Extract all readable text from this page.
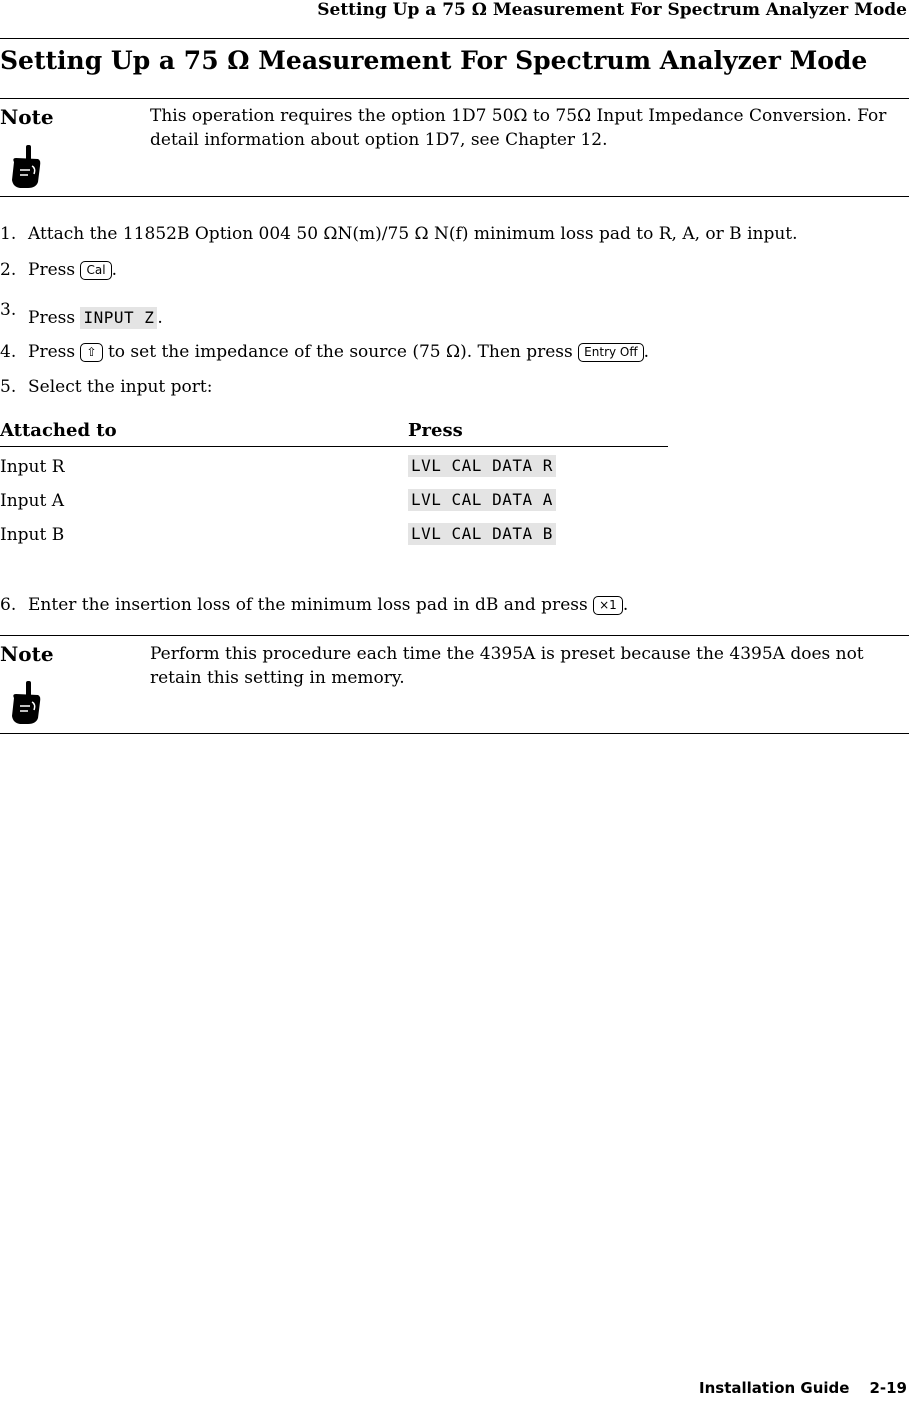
Setting Up a 75 Ω Measurement For Spectrum Analyzer Mode
Setting Up a 75 Ω Measurement For Spectrum Analyzer Mode
Note	This operation requires the option 1D7 50Ω to 75Ω Input Impedance Conversion. For detail information about option 1D7, see Chapter 12.
1. Attach the 11852B Option 004 50 ΩN(m)/75 Ω N(f) minimum loss pad to R, A, or B input.
2. Press Cal .
3. Press INPUT Z .
4. Press ⇧ to set the impedance of the source (75 Ω). Then press Entry Off .
5. Select the input port:
Attached to	Press
Input R	LVL CAL DATA R
Input A	LVL CAL DATA A
Input B	LVL CAL DATA B
6. Enter the insertion loss of the minimum loss pad in dB and press ×1 .
Note	Perform this procedure each time the 4395A is preset because the 4395A does not retain this setting in memory.
Installation Guide 2-19
